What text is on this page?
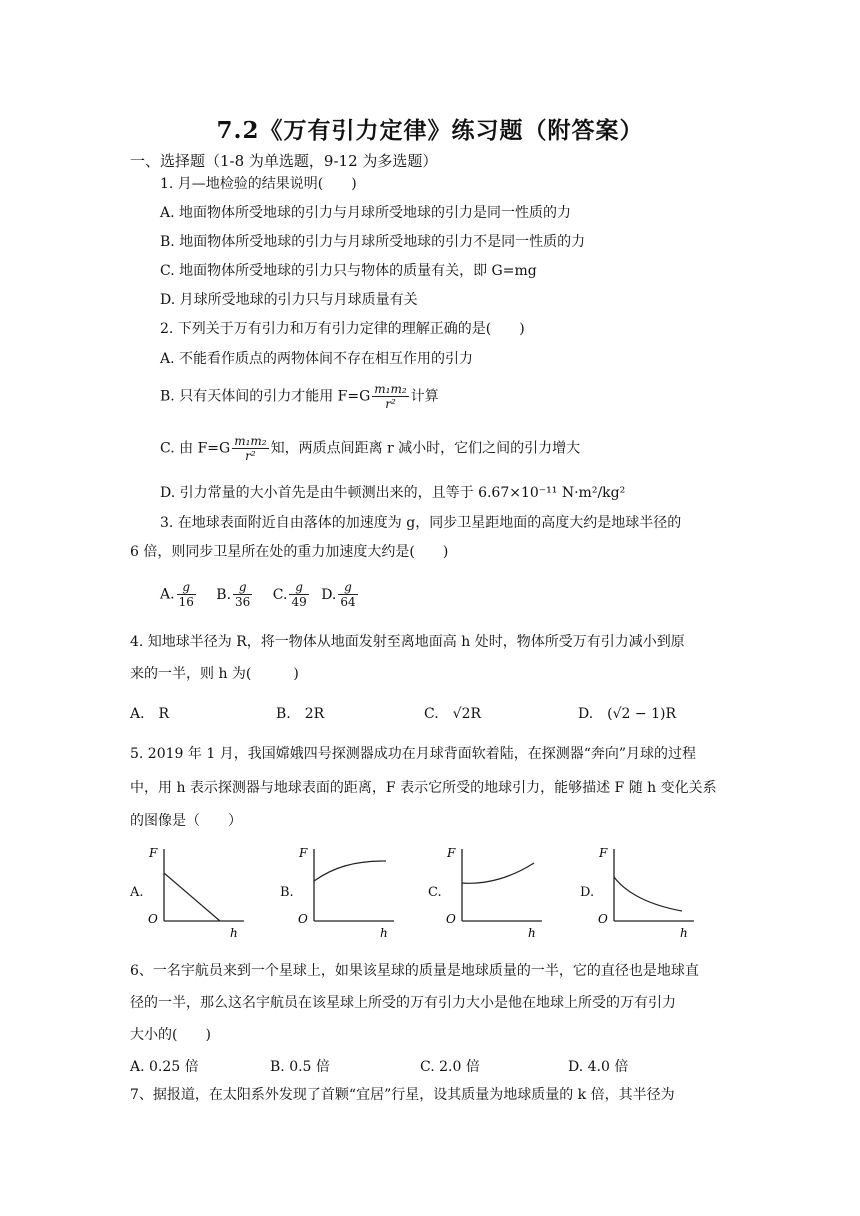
7.2《万有引力定律》练习题（附答案）
一、选择题（1-8 为单选题，9-12 为多选题）
1. 月—地检验的结果说明(　　)
A. 地面物体所受地球的引力与月球所受地球的引力是同一性质的力
B. 地面物体所受地球的引力与月球所受地球的引力不是同一性质的力
C. 地面物体所受地球的引力只与物体的质量有关，即 G=mg
D. 月球所受地球的引力只与月球质量有关
2. 下列关于万有引力和万有引力定律的理解正确的是(　　)
A. 不能看作质点的两物体间不存在相互作用的引力
B. 只有天体间的引力才能用 $F=G \frac{\text{m₁m₂}}{\text{r²}}$ 计算
C. 由 $F=G \frac{\text{m₁m₂}}{\text{r²}}$ 知，两质点间距离 r 减小时，它们之间的引力增大
D. 引力常量的大小首先是由牛顿测出来的，且等于 6.67×10⁻¹¹ N·m²/kg²
3. 在地球表面附近自由落体的加速度为 g，同步卫星距地面的高度大约是地球半径的
6 倍，则同步卫星所在处的重力加速度大约是(　　)
A. $\frac{g}{16} B$. $\frac{g}{36} C$. $\frac{g}{49} D$. $\frac{g}{64}$
4. 知地球半径为 R，将一物体从地面发射至离地面高 h 处时，物体所受万有引力减小到原
来的一半，则 h 为(　　　)
A.　R	B.　2R	C.　√2R	D.　(√2 − 1)R
5. 2019 年 1 月，我国嫦娥四号探测器成功在月球背面软着陆，在探测器“奔向”月球的过程
中，用 h 表示探测器与地球表面的距离，F 表示它所受的地球引力，能够描述 F 随 h 变化关系
的图像是（　　）
A.
F
O
h
B.
F
O
h
C.
F
O
h
D.
F
O
h
6、一名宇航员来到一个星球上，如果该星球的质量是地球质量的一半，它的直径也是地球直
径的一半，那么这名宇航员在该星球上所受的万有引力大小是他在地球上所受的万有引力
大小的(　　)
A. 0.25 倍	B. 0.5 倍	C. 2.0 倍	D. 4.0 倍
7、据报道，在太阳系外发现了首颗“宜居”行星，设其质量为地球质量的 k 倍，其半径为
